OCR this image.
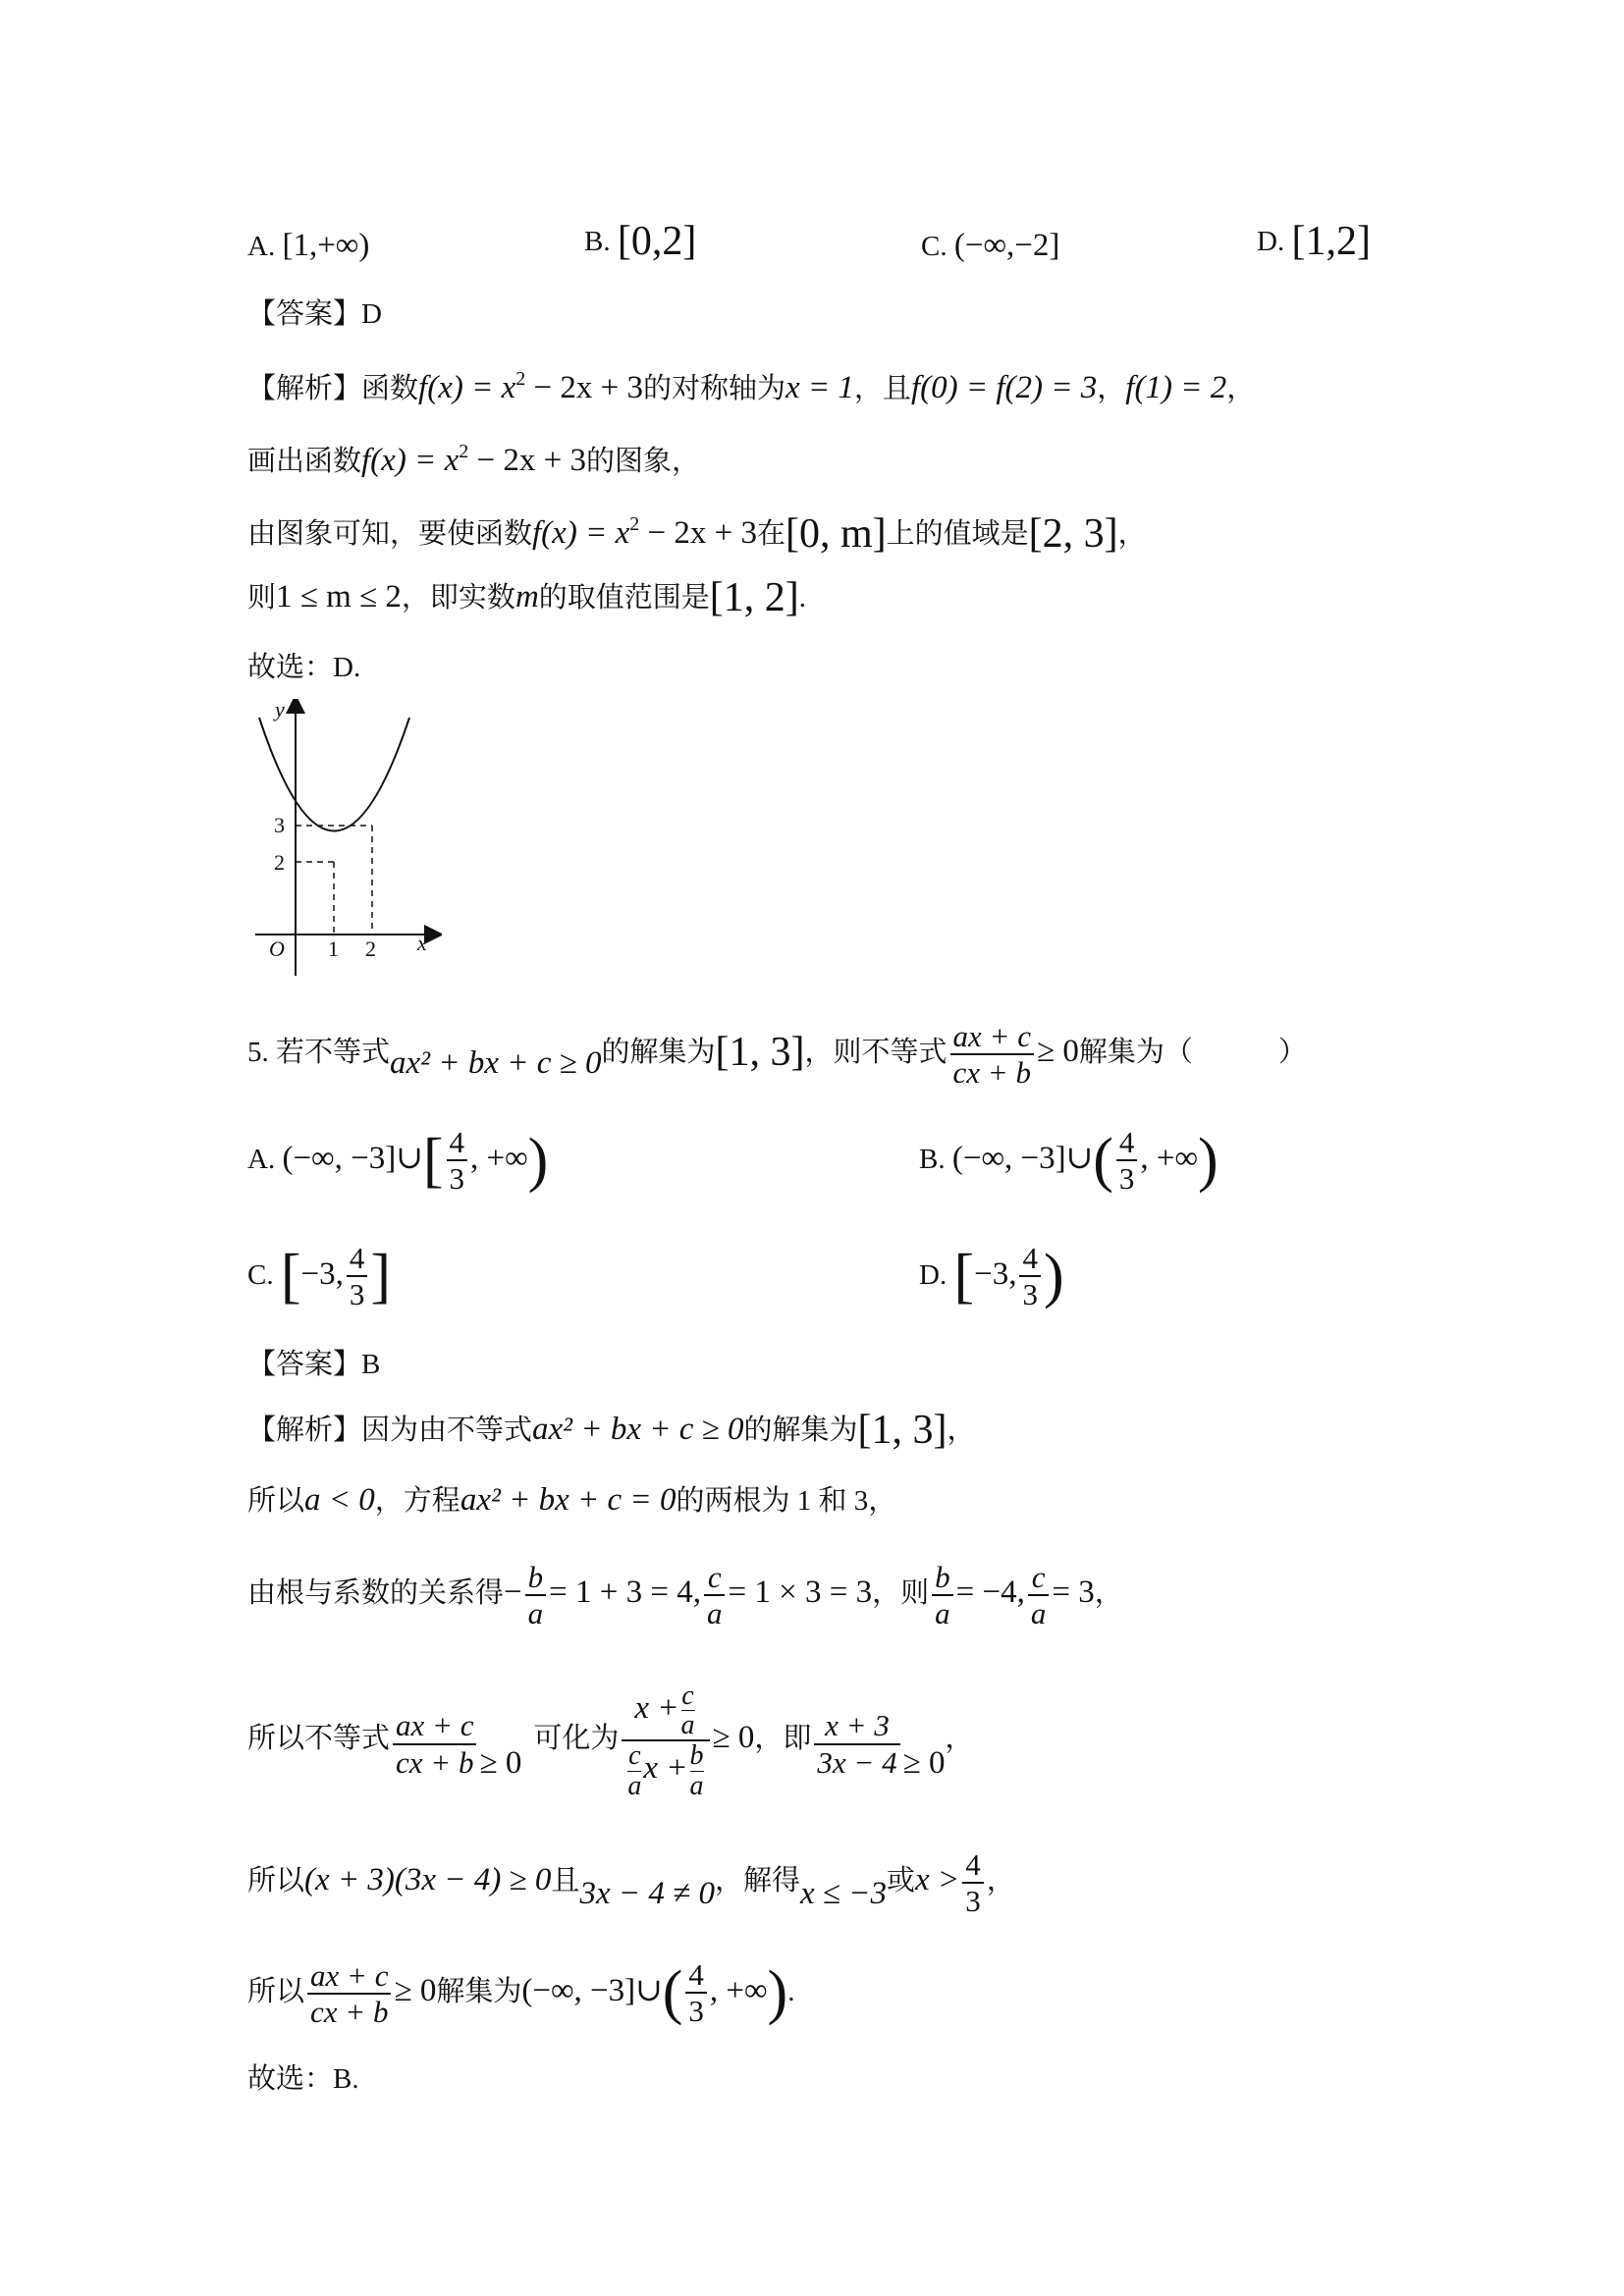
A. [1,+∞)	B. [0,2]	C. (−∞,−2]	D. [1,2]
【答案】D
【解析】函数$f(x) = x^2 - 2x + 3$的对称轴为x = 1，且f(0) = f(2) = 3，f(1) = 2，
画出函数$f(x) = x^2 - 2x + 3$的图象，
由图象可知，要使函数$f(x) = x^2 - 2x + 3$在[0, m]上的值域是[2, 3]，
则1 ≤ m ≤ 2，即实数m的取值范围是[1, 2].
故选：D.
y
x
O
3
2
1 2
5. 若不等式ax² + bx + c ≥ 0的解集为[1, 3]，则不等式 $\frac{ax + c}{cx + b} \ge 0$解集为（　　　）
A. (−∞, −3]∪[ $\frac{4}{3}$ , +∞)	B. (−∞, −3]∪( $\frac{4}{3}$ , +∞)
C. [−3, $\frac{4}{3}$ ]	D. [−3, $\frac{4}{3}$ )
【答案】B
【解析】因为由不等式ax² + bx + c ≥ 0的解集为[1, 3]，
所以a < 0，方程ax² + bx + c = 0的两根为 1 和 3，
由根与系数的关系得− $\frac{b}{a} = 1 + 3 = 4$, $\frac{c}{a} = 1 \times 3 = 3$，则 $\frac{b}{a} = -4$, $\frac{c}{a} = 3$，
所以不等式 $\frac{ax + c}{cx + b} \ge 0$可化为
$x + \frac{c}{a}$
$\frac{c}{a}$ $x + \frac{b}{a}$
≥ 0，即 $\frac{x + 3}{3x - 4} \ge 0$，
所以(x + 3)(3x − 4) ≥ 0且3x − 4 ≠ 0，解得x ≤ −3或$x > \frac{4}{3}$ ，
所以 $\frac{ax + c}{cx + b} \ge 0$解集为(−∞, −3]∪( $\frac{4}{3}$ , +∞).
故选：B.
